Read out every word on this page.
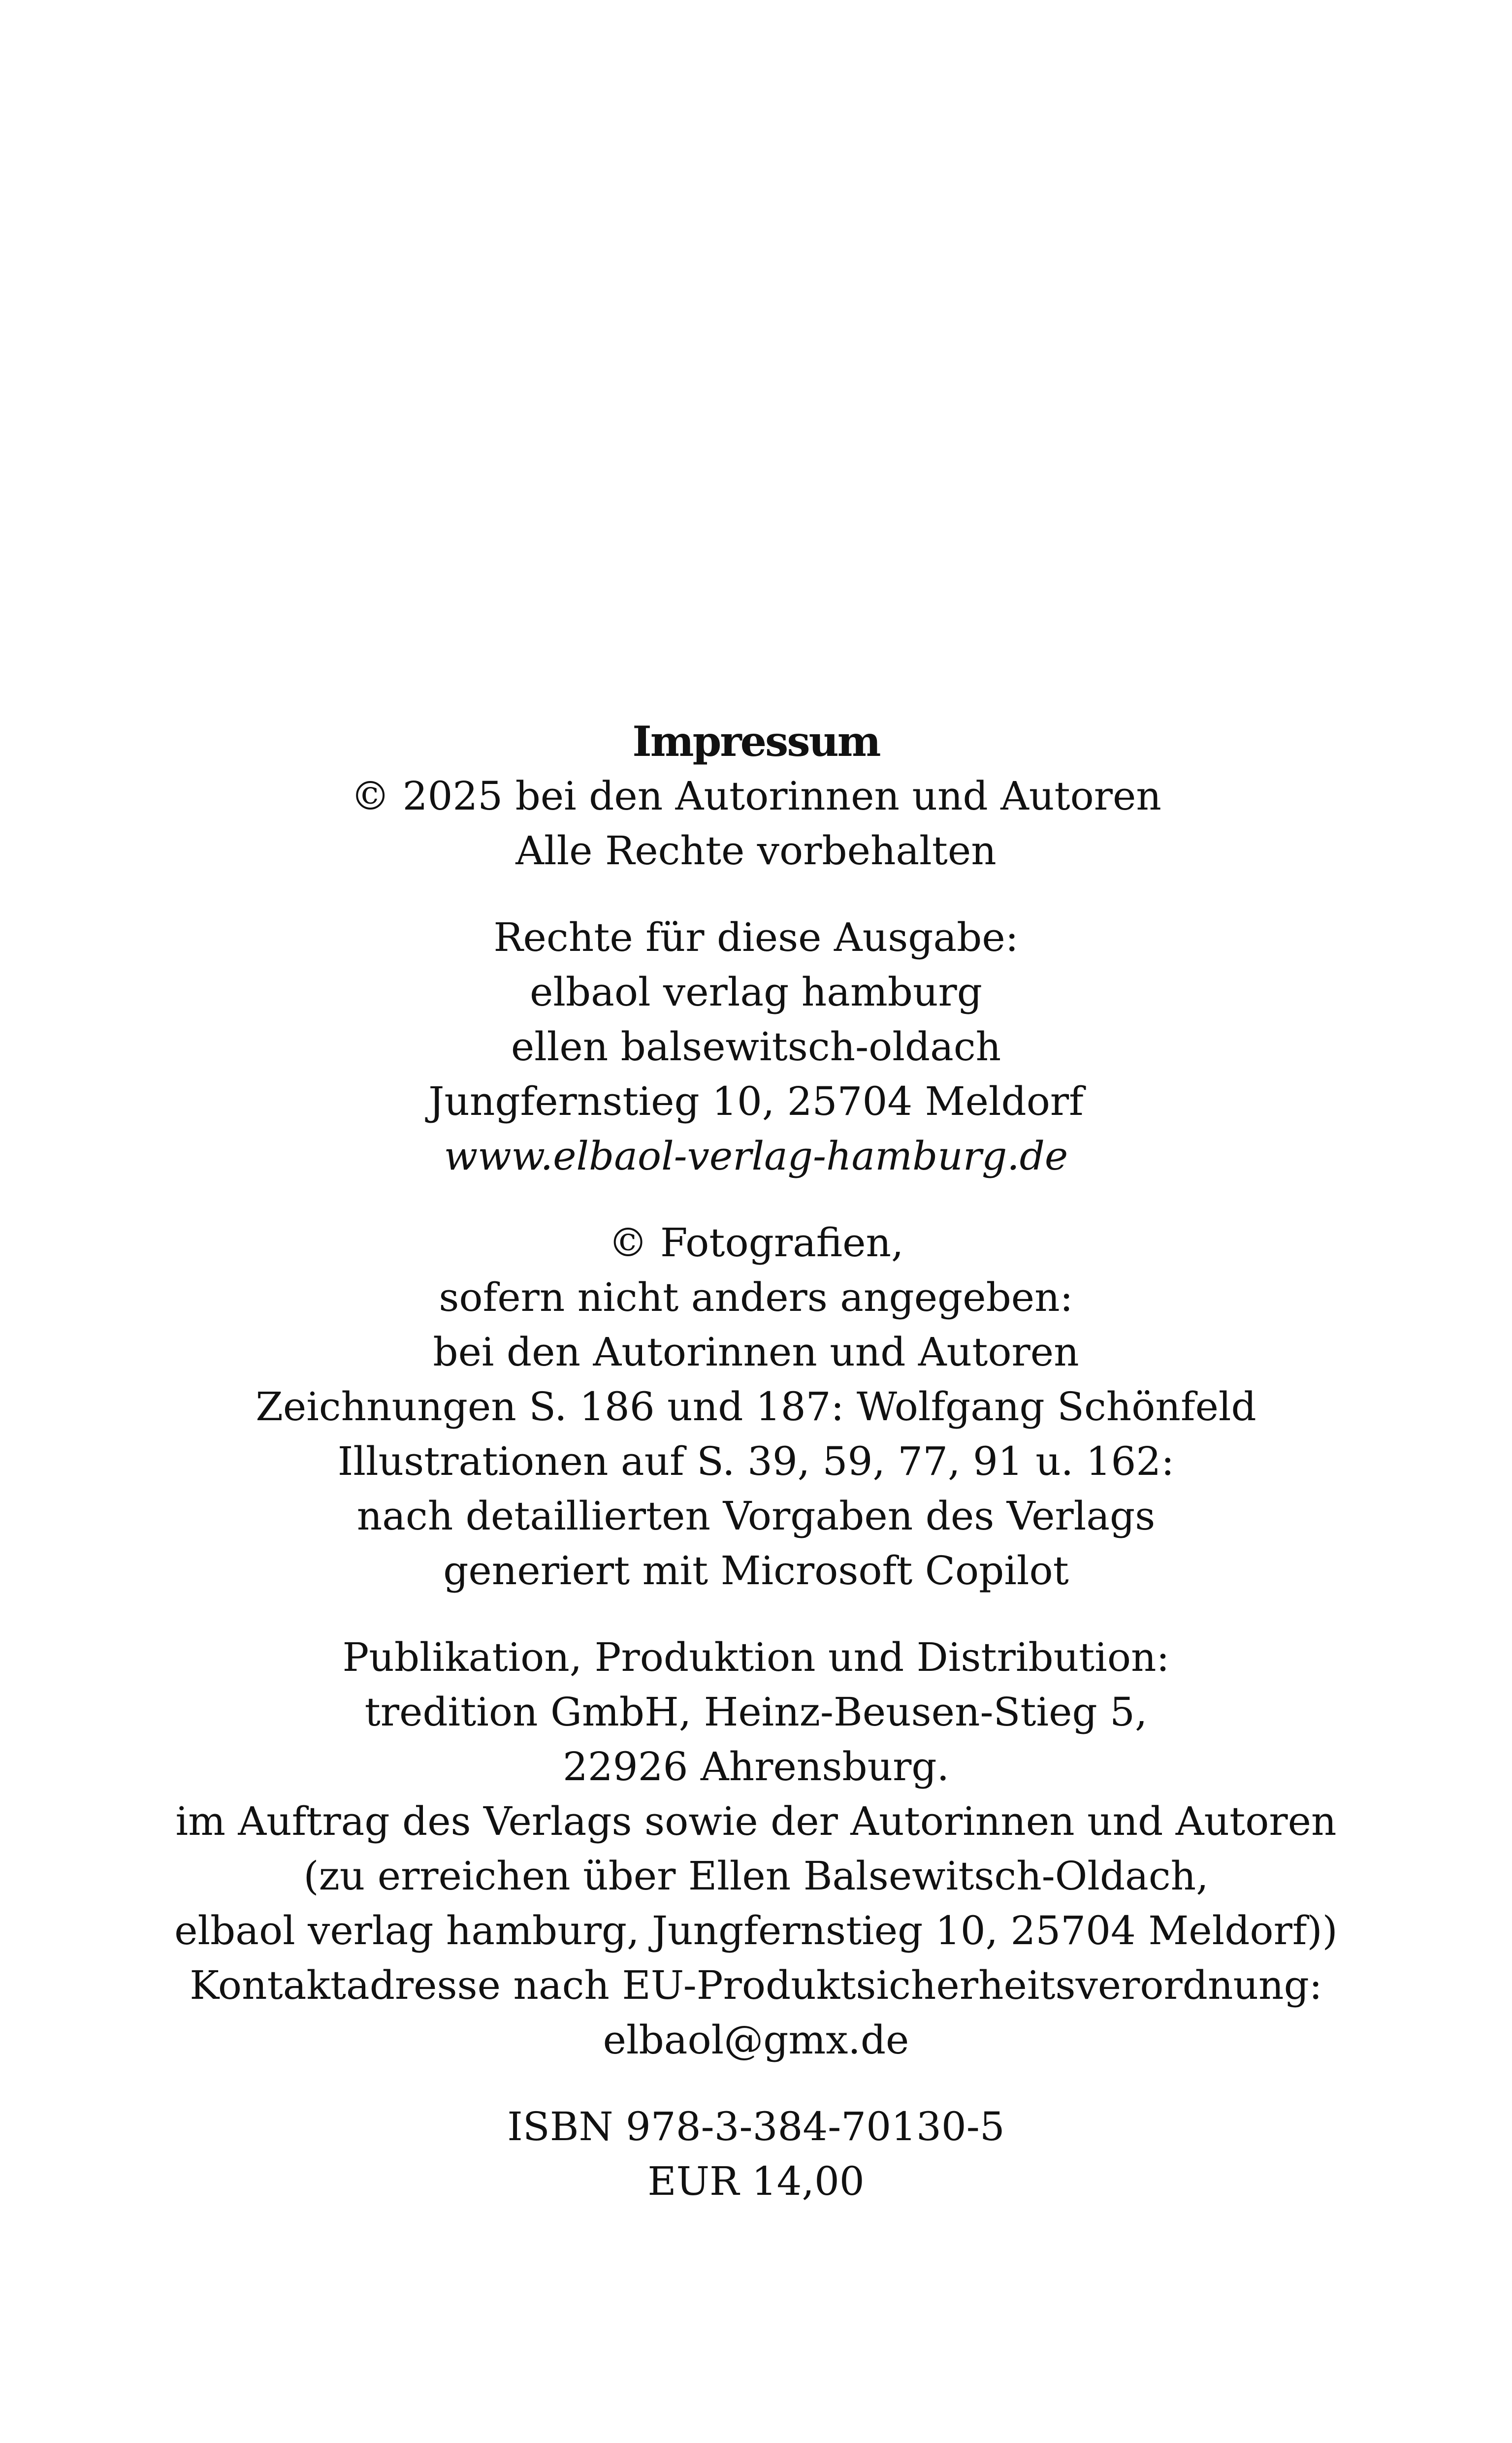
Impressum
© 2025 bei den Autorinnen und Autoren
Alle Rechte vorbehalten
Rechte für diese Ausgabe:
elbaol verlag hamburg
ellen balsewitsch-oldach
Jungfernstieg 10, 25704 Meldorf
www.elbaol-verlag-hamburg.de
© Fotografien,
sofern nicht anders angegeben:
bei den Autorinnen und Autoren
Zeichnungen S. 186 und 187: Wolfgang Schönfeld
Illustrationen auf S. 39, 59, 77, 91 u. 162:
nach detaillierten Vorgaben des Verlags
generiert mit Microsoft Copilot
Publikation, Produktion und Distribution:
tredition GmbH, Heinz-Beusen-Stieg 5,
22926 Ahrensburg.
im Auftrag des Verlags sowie der Autorinnen und Autoren
(zu erreichen über Ellen Balsewitsch-Oldach,
elbaol verlag hamburg, Jungfernstieg 10, 25704 Meldorf))
Kontaktadresse nach EU-Produktsicherheitsverordnung:
elbaol@gmx.de
ISBN 978-3-384-70130-5
EUR 14,00
